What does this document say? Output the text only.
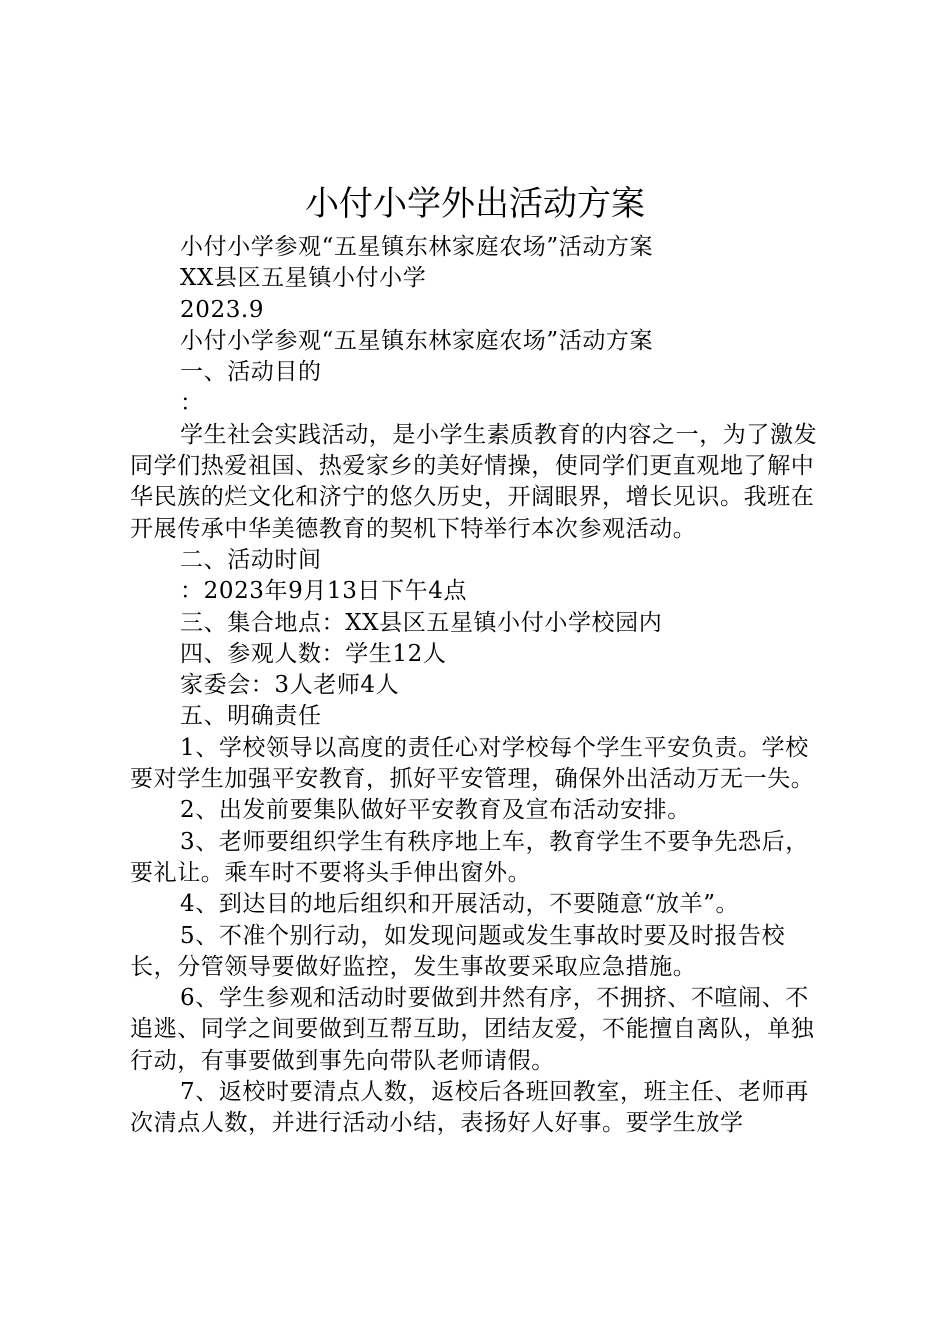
小付小学外出活动方案

小付小学参观“五星镇东林家庭农场”活动方案

XX县区五星镇小付小学

2023.9

小付小学参观“五星镇东林家庭农场”活动方案

一、活动目的

：

学生社会实践活动，是小学生素质教育的内容之一，为了激发同学们热爱祖国、热爱家乡的美好情操，使同学们更直观地了解中华民族的烂文化和济宁的悠久历史，开阔眼界，增长见识。我班在开展传承中华美德教育的契机下特举行本次参观活动。

二、活动时间

：2023年9月13日下午4点

三、集合地点：XX县区五星镇小付小学校园内

四、参观人数：学生12人

家委会：3人老师4人

五、明确责任

1、学校领导以高度的责任心对学校每个学生平安负责。学校要对学生加强平安教育，抓好平安管理，确保外出活动万无一失。

2、出发前要集队做好平安教育及宣布活动安排。

3、老师要组织学生有秩序地上车，教育学生不要争先恐后，要礼让。乘车时不要将头手伸出窗外。

4、到达目的地后组织和开展活动，不要随意“放羊”。

5、不准个别行动，如发现问题或发生事故时要及时报告校长，分管领导要做好监控，发生事故要采取应急措施。

6、学生参观和活动时要做到井然有序，不拥挤、不喧闹、不追逃、同学之间要做到互帮互助，团结友爱，不能擅自离队，单独行动，有事要做到事先向带队老师请假。

7、返校时要清点人数，返校后各班回教室，班主任、老师再次清点人数，并进行活动小结，表扬好人好事。要学生放学
